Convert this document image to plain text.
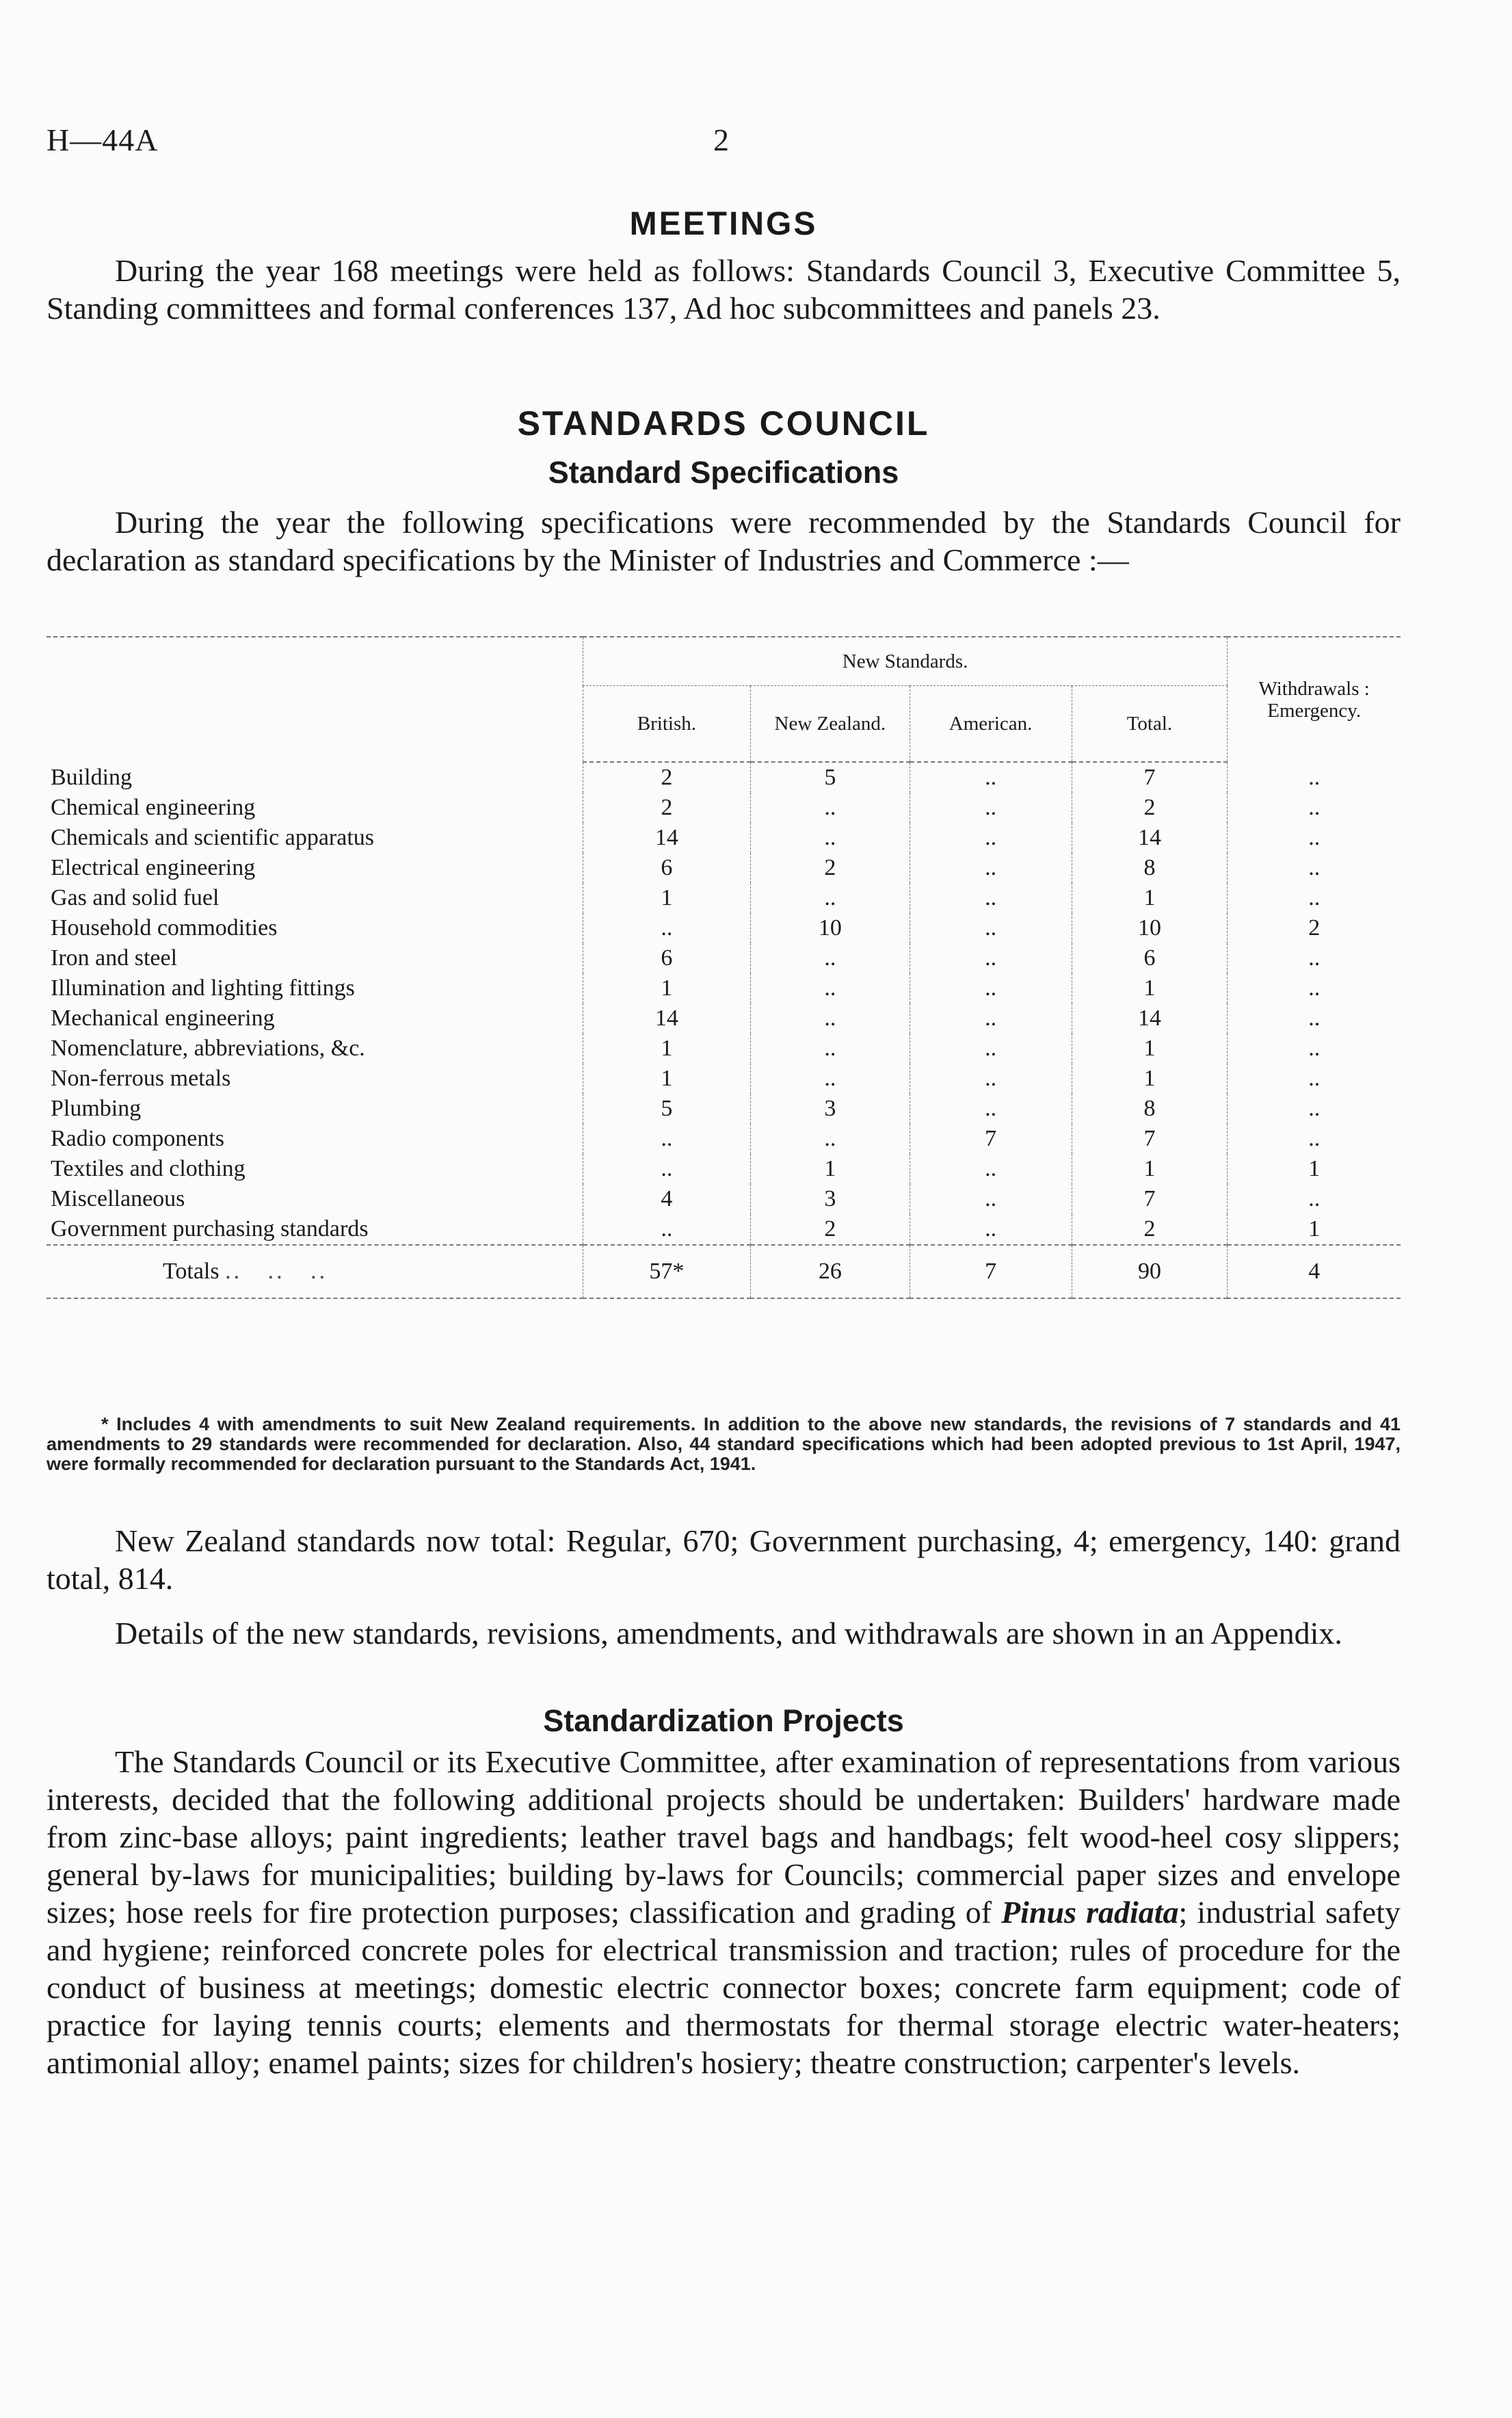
H—44A	2
MEETINGS

During the year 168 meetings were held as follows: Standards Council 3, Executive Committee 5, Standing committees and formal conferences 137, Ad hoc subcommittees and panels 23.

STANDARDS COUNCIL
Standard Specifications

During the year the following specifications were recommended by the Standards Council for declaration as standard specifications by the Minister of Industries and Commerce :—

	New Standards.				Withdrawals : Emergency.
	British.	New Zealand.	American.	Total.	
Building	2	5	..	7	..
Chemical engineering	2	..	..	2	..
Chemicals and scientific apparatus	14	..	..	14	..
Electrical engineering	6	2	..	8	..
Gas and solid fuel	1	..	..	1	..
Household commodities	..	10	..	10	2
Iron and steel	6	..	..	6	..
Illumination and lighting fittings	1	..	..	1	..
Mechanical engineering	14	..	..	14	..
Nomenclature, abbreviations, &c.	1	..	..	1	..
Non-ferrous metals	1	..	..	1	..
Plumbing	5	3	..	8	..
Radio components	..	..	7	7	..
Textiles and clothing	..	1	..	1	1
Miscellaneous	4	3	..	7	..
Government purchasing standards	..	2	..	2	1
Totals ..   ..   ..	57*	26	7	90	4

* Includes 4 with amendments to suit New Zealand requirements. In addition to the above new standards, the revisions of 7 standards and 41 amendments to 29 standards were recommended for declaration. Also, 44 standard specifications which had been adopted previous to 1st April, 1947, were formally recommended for declaration pursuant to the Standards Act, 1941.

New Zealand standards now total: Regular, 670; Government purchasing, 4; emergency, 140: grand total, 814.

Details of the new standards, revisions, amendments, and withdrawals are shown in an Appendix.

Standardization Projects

The Standards Council or its Executive Committee, after examination of representations from various interests, decided that the following additional projects should be undertaken: Builders' hardware made from zinc-base alloys; paint ingredients; leather travel bags and handbags; felt wood-heel cosy slippers; general by-laws for municipalities; building by-laws for Councils; commercial paper sizes and envelope sizes; hose reels for fire protection purposes; classification and grading of Pinus radiata; industrial safety and hygiene; reinforced concrete poles for electrical transmission and traction; rules of procedure for the conduct of business at meetings; domestic electric connector boxes; concrete farm equipment; code of practice for laying tennis courts; elements and thermostats for thermal storage electric water-heaters; antimonial alloy; enamel paints; sizes for children's hosiery; theatre construction; carpenter's levels.
